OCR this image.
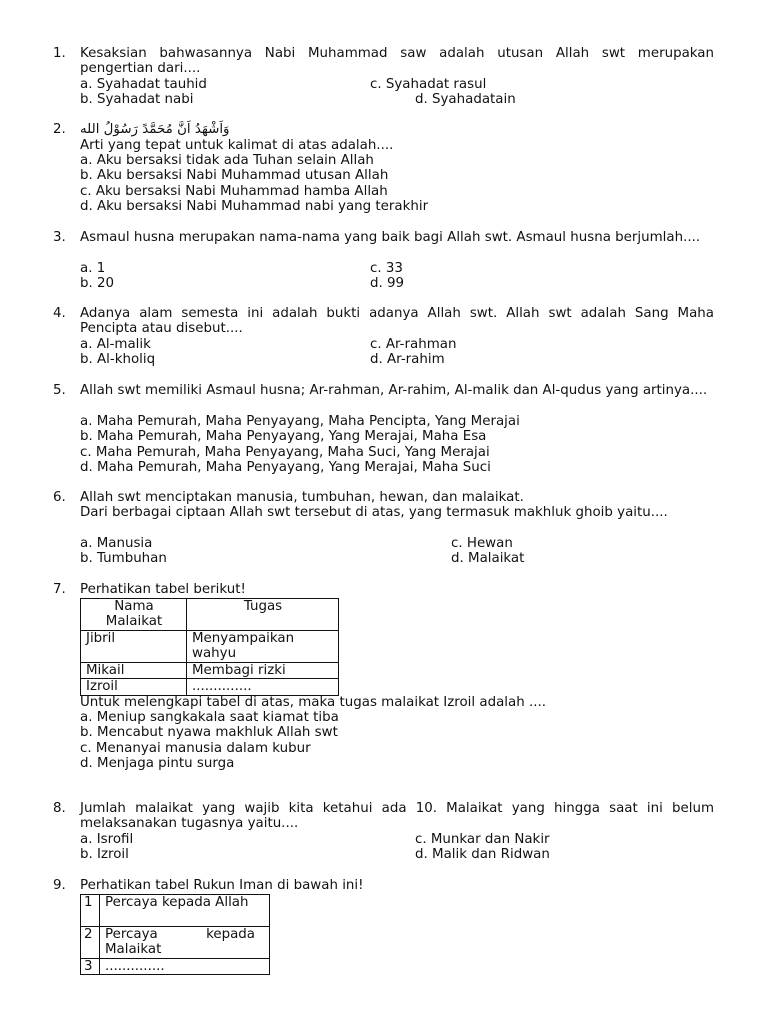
1. Kesaksian bahwasannya Nabi Muhammad saw adalah utusan Allah swt merupakan pengertian dari....
a. Syahadat tauhid	c. Syahadat rasul
b. Syahadat nabi	d. Syahadatain
2. وَاَشْهَدُ اَنَّ مُحَمَّدً رَسُوْلُ الله
Arti yang tepat untuk kalimat di atas adalah....
a. Aku bersaksi tidak ada Tuhan selain Allah
b. Aku bersaksi Nabi Muhammad utusan Allah
c. Aku bersaksi Nabi Muhammad hamba Allah
d. Aku bersaksi Nabi Muhammad nabi yang terakhir
3. Asmaul husna merupakan nama-nama yang baik bagi Allah swt. Asmaul husna berjumlah....
a. 1	c. 33
b. 20	d. 99
4. Adanya alam semesta ini adalah bukti adanya Allah swt. Allah swt adalah Sang Maha Pencipta atau disebut....
a. Al-malik	c. Ar-rahman
b. Al-kholiq	d. Ar-rahim
5. Allah swt memiliki Asmaul husna; Ar-rahman, Ar-rahim, Al-malik dan Al-qudus yang artinya....
a. Maha Pemurah, Maha Penyayang, Maha Pencipta, Yang Merajai
b. Maha Pemurah, Maha Penyayang, Yang Merajai, Maha Esa
c. Maha Pemurah, Maha Penyayang, Maha Suci, Yang Merajai
d. Maha Pemurah, Maha Penyayang, Yang Merajai, Maha Suci
6. Allah swt menciptakan manusia, tumbuhan, hewan, dan malaikat.
Dari berbagai ciptaan Allah swt tersebut di atas, yang termasuk makhluk ghoib yaitu....
a. Manusia	c. Hewan
b. Tumbuhan	d. Malaikat
7. Perhatikan tabel berikut!
Nama Malaikat	Tugas
Jibril	Menyampaikan wahyu

Mikail	Membagi rizki
Izroil	..............
Untuk melengkapi tabel di atas, maka tugas malaikat Izroil adalah ....
a. Meniup sangkakala saat kiamat tiba
b. Mencabut nyawa makhluk Allah swt
c. Menanyai manusia dalam kubur
d. Menjaga pintu surga
8. Jumlah malaikat yang wajib kita ketahui ada 10. Malaikat yang hingga saat ini belum melaksanakan tugasnya yaitu....
a. Isrofil	c. Munkar dan Nakir
b. Izroil	d. Malik dan Ridwan
9. Perhatikan tabel Rukun Iman di bawah ini!
1	Percaya kepada Allah

2	Percaya kepada Malaikat

3	..............
